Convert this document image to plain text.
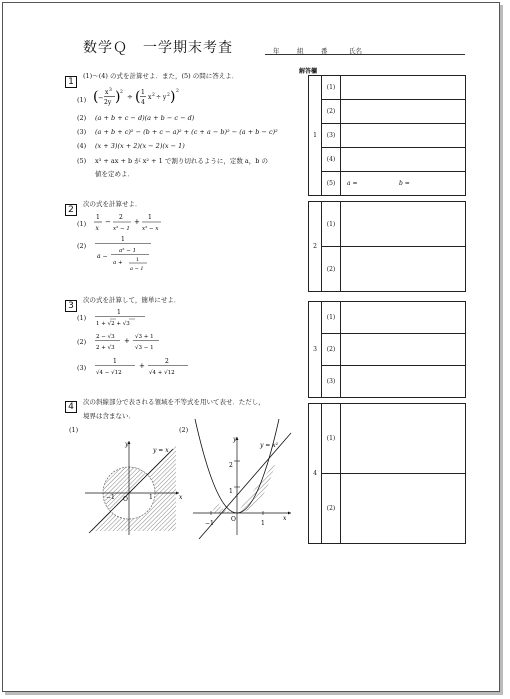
数学Ｑ　一学期末考査	年	組	番	氏名
1
(1)〜(4) の式を計算せよ．また，(5) の問に答えよ．
(1) ( −
x 3
2y ) 2
÷ ( 1
4
x 2 ÷ y 2 ) 2
(2) (a + b + c − d)(a + b − c − d)
(3) (a + b + c)² − (b + c − a)² + (c + a − b)² − (a + b − c)²
(4) (x + 3)(x + 2)(x − 2)(x − 1)
(5) x³ + ax + b が x² + 1 で割り切れるように，定数 a，b の
値を定めよ．
2
次の式を計算せよ．
(1)
1
x
−
2
x² − 1
+
1
x² − x
(2)
1
a −
a² − 1
a +	1
a − 1
3
次の式を計算して，簡単にせよ．
(1)
1
1 + √2 + √3
(2)
2 − √3
2 + √3
+ √3 + 1
√3 − 1
(3)
1
√4 − √12
+
2
√4 + √12
4	次の斜線部分で表される領域を不等式を用いて表せ．ただし，
境界は含まない．
(1)	(2)
y
x
y = x
−1	1
O
y
x
y = x²
2
1
−1	1
O
解答欄
1	(1)	
	(2)	
	(3)	
	(4)	
	(5)	a = b =
2	(1)	
	(2)	
3	(1)	
	(2)	
	(3)	
4	(1)	
	(2)	
